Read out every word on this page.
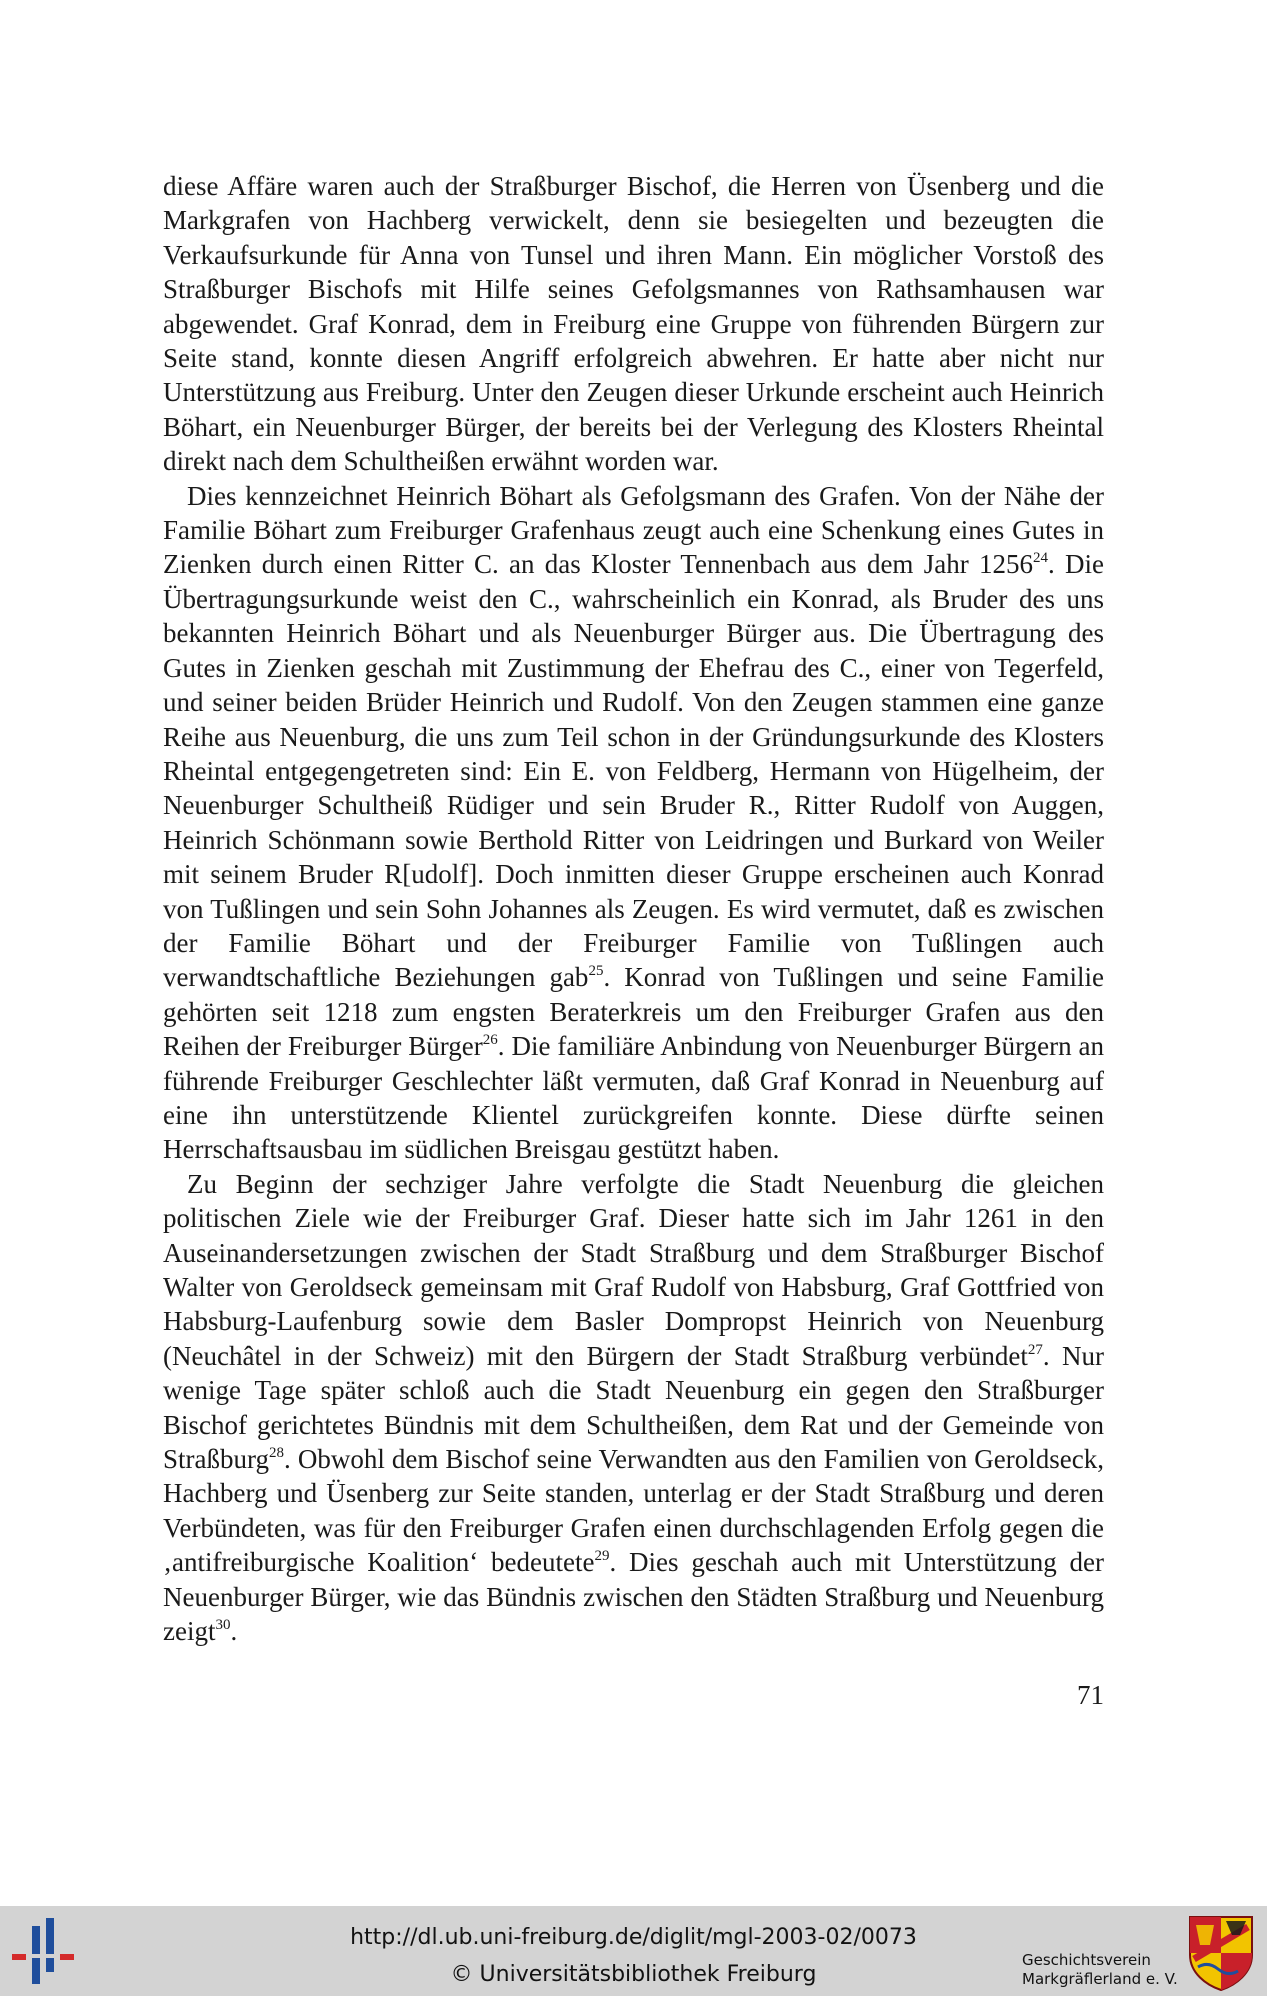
diese Affäre waren auch der Straßburger Bischof, die Herren von Üsenberg und die Markgrafen von Hachberg verwickelt, denn sie besiegelten und bezeugten die Verkaufsurkunde für Anna von Tunsel und ihren Mann. Ein möglicher Vorstoß des Straßburger Bischofs mit Hilfe seines Gefolgsmannes von Rathsamhausen war abgewendet. Graf Konrad, dem in Freiburg eine Gruppe von führenden Bürgern zur Seite stand, konnte diesen Angriff erfolgreich abwehren. Er hatte aber nicht nur Unterstützung aus Freiburg. Unter den Zeugen dieser Urkunde erscheint auch Heinrich Böhart, ein Neuenburger Bürger, der bereits bei der Verlegung des Klosters Rheintal direkt nach dem Schultheißen erwähnt worden war.

Dies kennzeichnet Heinrich Böhart als Gefolgsmann des Grafen. Von der Nähe der Familie Böhart zum Freiburger Grafenhaus zeugt auch eine Schenkung eines Gutes in Zienken durch einen Ritter C. an das Kloster Tennenbach aus dem Jahr 1256$^{24}$. Die Übertragungsurkunde weist den C., wahrscheinlich ein Konrad, als Bruder des uns bekannten Heinrich Böhart und als Neuenburger Bürger aus. Die Übertragung des Gutes in Zienken geschah mit Zustimmung der Ehefrau des C., einer von Tegerfeld, und seiner beiden Brüder Heinrich und Rudolf. Von den Zeugen stammen eine ganze Reihe aus Neuenburg, die uns zum Teil schon in der Gründungsurkunde des Klosters Rheintal entgegengetreten sind: Ein E. von Feldberg, Hermann von Hügelheim, der Neuenburger Schultheiß Rüdiger und sein Bruder R., Ritter Rudolf von Auggen, Heinrich Schönmann sowie Berthold Ritter von Leidringen und Burkard von Weiler mit seinem Bruder R[udolf]. Doch inmitten dieser Gruppe erscheinen auch Konrad von Tußlingen und sein Sohn Johannes als Zeugen. Es wird vermutet, daß es zwischen der Familie Böhart und der Freiburger Familie von Tußlingen auch verwandtschaftliche Beziehungen gab$^{25}$. Konrad von Tußlingen und seine Familie gehörten seit 1218 zum engsten Beraterkreis um den Freiburger Grafen aus den Reihen der Freiburger Bürger$^{26}$. Die familiäre Anbindung von Neuenburger Bürgern an führende Freiburger Geschlechter läßt vermuten, daß Graf Konrad in Neuenburg auf eine ihn unterstützende Klientel zurückgreifen konnte. Diese dürfte seinen Herrschaftsausbau im südlichen Breisgau gestützt haben.

Zu Beginn der sechziger Jahre verfolgte die Stadt Neuenburg die gleichen politischen Ziele wie der Freiburger Graf. Dieser hatte sich im Jahr 1261 in den Auseinandersetzungen zwischen der Stadt Straßburg und dem Straßburger Bischof Walter von Geroldseck gemeinsam mit Graf Rudolf von Habsburg, Graf Gottfried von Habsburg-Laufenburg sowie dem Basler Dompropst Heinrich von Neuenburg (Neuchâtel in der Schweiz) mit den Bürgern der Stadt Straßburg verbündet$^{27}$. Nur wenige Tage später schloß auch die Stadt Neuenburg ein gegen den Straßburger Bischof gerichtetes Bündnis mit dem Schultheißen, dem Rat und der Gemeinde von Straßburg$^{28}$. Obwohl dem Bischof seine Verwandten aus den Familien von Geroldseck, Hachberg und Üsenberg zur Seite standen, unterlag er der Stadt Straßburg und deren Verbündeten, was für den Freiburger Grafen einen durchschlagenden Erfolg gegen die ‚antifreiburgische Koalition‘ bedeutete$^{29}$. Dies geschah auch mit Unterstützung der Neuenburger Bürger, wie das Bündnis zwischen den Städten Straßburg und Neuenburg zeigt$^{30}$.

71
http://dl.ub.uni-freiburg.de/diglit/mgl-2003-02/0073
© Universitätsbibliothek Freiburg
Geschichtsverein
Markgräflerland e. V.
